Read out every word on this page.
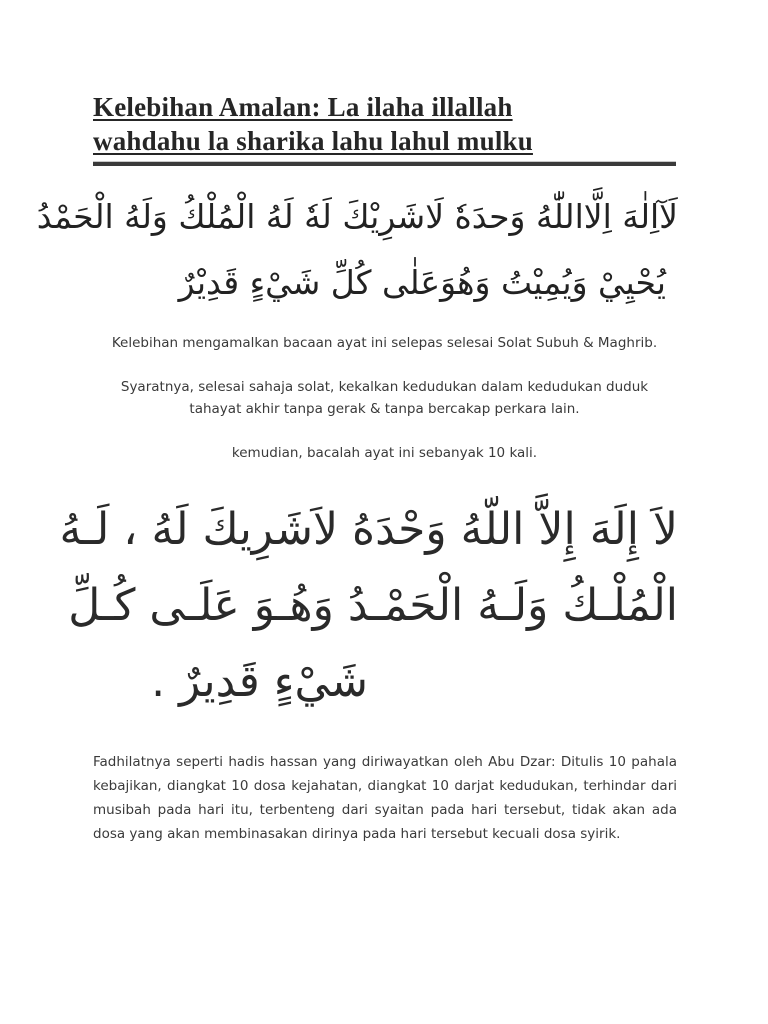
Kelebihan Amalan: La ilaha illallah
wahdahu la sharika lahu lahul mulku
لَآاِلٰهَ اِلَّااللّٰهُ وَحدَهٗ لَاشَرِيْكَ لَهٗ لَهُ الْمُلْكُ وَلَهُ الْحَمْدُ
يُحْيِيْ وَيُمِيْتُ وَهُوَعَلٰى كُلِّ شَيْءٍ قَدِيْرٌ

Kelebihan mengamalkan bacaan ayat ini selepas selesai Solat Subuh & Maghrib.

Syaratnya, selesai sahaja solat, kekalkan kedudukan dalam kedudukan duduk tahayat akhir tanpa gerak & tanpa bercakap perkara lain.

kemudian, bacalah ayat ini sebanyak 10 kali.

لاَ إِلَهَ إِلاَّ اللّهُ وَحْدَهُ لاَشَرِيكَ لَهُ ، لَـهُ
الْمُلْـكُ وَلَـهُ الْحَمْـدُ وَهُـوَ عَلَـى كُـلِّ
شَيْءٍ قَدِيرٌ .

Fadhilatnya seperti hadis hassan yang diriwayatkan oleh Abu Dzar: Ditulis 10 pahala kebajikan, diangkat 10 dosa kejahatan, diangkat 10 darjat kedudukan, terhindar dari musibah pada hari itu, terbenteng dari syaitan pada hari tersebut, tidak akan ada dosa yang akan membinasakan dirinya pada hari tersebut kecuali dosa syirik.
